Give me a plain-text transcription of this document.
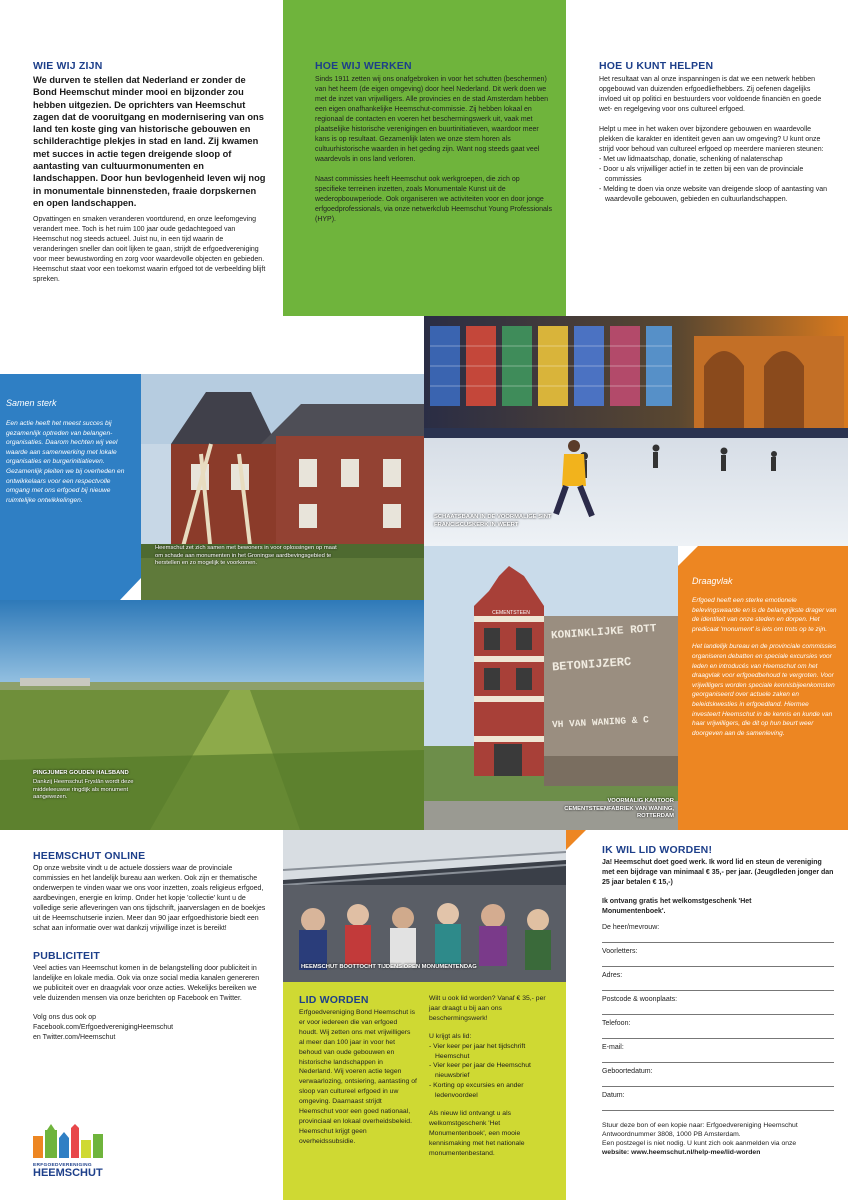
WIE WIJ ZIJN

We durven te stellen dat Nederland er zonder de Bond Heemschut minder mooi en bijzonder zou hebben uitgezien. De oprichters van Heemschut zagen dat de vooruitgang en modernisering van ons land ten koste ging van historische gebouwen en schilderachtige plekjes in stad en land. Zij kwamen met succes in actie tegen dreigende sloop of aantasting van cultuurmonumenten en landschappen. Door hun bevlogenheid leven wij nog in monumentale binnensteden, fraaie dorpskernen en open landschappen.

Opvattingen en smaken veranderen voortdurend, en onze leefomgeving verandert mee. Toch is het ruim 100 jaar oude gedachtegoed van Heemschut nog steeds actueel. Juist nu, in een tijd waarin de veranderingen sneller dan ooit lijken te gaan, strijdt de erfgoedvereniging voor meer bewustwording en zorg voor waardevolle objecten en gebieden. Heemschut staat voor een toekomst waarin erfgoed tot de verbeelding blijft spreken.

HOE WIJ WERKEN

Sinds 1911 zetten wij ons onafgebroken in voor het schutten (beschermen) van het heem (de eigen omgeving) door heel Nederland. Dit werk doen we met de inzet van vrijwilligers. Alle provincies en de stad Amsterdam hebben een eigen onafhankelijke Heemschut-commissie. Zij hebben lokaal en regionaal de contacten en voeren het beschermingswerk uit, vaak met plaatselijke historische verenigingen en buurtinitiatieven, waardoor meer kans is op resultaat. Gezamenlijk laten we onze stem horen als cultuurhistorische waarden in het geding zijn. Want nog steeds gaat veel waardevols in ons land verloren.

Naast commissies heeft Heemschut ook werkgroepen, die zich op specifieke terreinen inzetten, zoals Monumentale Kunst uit de wederopbouwperiode. Ook organiseren we activiteiten voor en door jonge erfgoedprofessionals, via onze netwerkclub Heemschut Young Professionals (HYP).

HOE U KUNT HELPEN

Het resultaat van al onze inspanningen is dat we een netwerk hebben opgebouwd van duizenden erfgoedliefhebbers. Zij oefenen dagelijks invloed uit op politici en bestuurders voor voldoende financiën en goede wet- en regelgeving voor ons cultureel erfgoed.

Helpt u mee in het waken over bijzondere gebouwen en waardevolle plekken die karakter en identiteit geven aan uw omgeving? U kunt onze strijd voor behoud van cultureel erfgoed op meerdere manieren steunen:

- Met uw lidmaatschap, donatie, schenking of nalatenschap
- Door u als vrijwilliger actief in te zetten bij een van de provinciale commissies
- Melding te doen via onze website van dreigende sloop of aantasting van waardevolle gebouwen, gebieden en cultuurlandschappen.
SCHAATSBAAN IN DE VOORMALIGE SINT FRANCISCUSKERK IN WEERT
Samen sterk

Een actie heeft het meest succes bij gezamenlijk optreden van belangen-organisaties. Daarom hechten wij veel waarde aan samenwerking met lokale organisaties en burgerinitiatieven. Gezamenlijk pleiten we bij overheden en ontwikkelaars voor een respectvolle omgang met ons erfgoed bij nieuwe ruimtelijke ontwikkelingen.

Heemschut zet zich samen met bewoners in voor oplossingen op maat om schade aan monumenten in het Groningse aardbevingsgebied te herstellen en zo mogelijk te voorkomen.
PINGJUMER GOUDEN HALSBAND
Dankzij Heemschut Fryslân wordt deze middeleeuwse ringdijk als monument aangewezen.
KONINKLIJKE ROTT
BETONIJZERC
VH VAN WANING & C
CEMENTSTEEN
VOORMALIG KANTOOR CEMENTSTEENFABRIEK VAN WANING, ROTTERDAM
Draagvlak

Erfgoed heeft een sterke emotionele belevingswaarde en is de belangrijkste drager van de identiteit van onze steden en dorpen. Het predicaat 'monument' is iets om trots op te zijn.

Het landelijk bureau en de provinciale commissies organiseren debatten en speciale excursies voor leden en introducés van Heemschut om het draagvlak voor erfgoedbehoud te vergroten. Voor vrijwilligers worden speciale kennisbijeenkomsten georganiseerd over actuele zaken en beleidskwesties in erfgoedland. Hiermee investeert Heemschut in de kennis en kunde van haar vrijwilligers, die dit op hun beurt weer doorgeven aan de samenleving.

HEEMSCHUT ONLINE

Op onze website vindt u de actuele dossiers waar de provinciale commissies en het landelijk bureau aan werken. Ook zijn er thematische onderwerpen te vinden waar we ons voor inzetten, zoals religieus erfgoed, aardbevingen, energie en krimp. Onder het kopje 'collectie' kunt u de volledige serie afleveringen van ons tijdschrift, jaarverslagen en de boekjes uit de Heemschutserie inzien. Meer dan 90 jaar erfgoedhistorie biedt een schat aan informatie over wat dankzij vrijwillige inzet is bereikt!

PUBLICITEIT

Veel acties van Heemschut komen in de belangstelling door publiciteit in landelijke en lokale media. Ook via onze social media kanalen genereren we publiciteit over en draagvlak voor onze acties. Wekelijks bereiken we vele duizenden mensen via onze berichten op Facebook en Twitter.

Volg ons dus ook op

Facebook.com/ErfgoedverenigingHeemschut
en Twitter.com/Heemschut
ERFGOEDVERENIGING
HEEMSCHUT
HEEMSCHUT BOOTTOCHT TIJDENS OPEN MONUMENTENDAG
LID WORDEN

Erfgoedvereniging Bond Heemschut is er voor iedereen die van erfgoed houdt. Wij zetten ons met vrijwilligers al meer dan 100 jaar in voor het behoud van oude gebouwen en historische landschappen in Nederland. Wij voeren actie tegen verwaarlozing, ontsiering, aantasting of sloop van cultureel erfgoed in uw omgeving. Daarnaast strijdt Heemschut voor een goed nationaal, provinciaal en lokaal overheidsbeleid. Heemschut krijgt geen overheidssubsidie.

Wilt u ook lid worden? Vanaf € 35,- per jaar draagt u bij aan ons beschermingswerk!

U krijgt als lid:

- Vier keer per jaar het tijdschrift Heemschut
- Vier keer per jaar de Heemschut nieuwsbrief
- Korting op excursies en ander ledenvoordeel

Als nieuw lid ontvangt u als welkomstgeschenk 'Het Monumentenboek', een mooie kennismaking met het nationale monumentenbestand.

IK WIL LID WORDEN!

Ja! Heemschut doet goed werk. Ik word lid en steun de vereniging met een bijdrage van minimaal € 35,- per jaar. (Jeugdleden jonger dan 25 jaar betalen € 15,-)

Ik ontvang gratis het welkomstgeschenk 'Het Monumentenboek'.

De heer/mevrouw:
Voorletters:
Adres:
Postcode & woonplaats:
Telefoon:
E-mail:
Geboortedatum:
Datum:

Stuur deze bon of een kopie naar: Erfgoedvereniging Heemschut

Antwoordnummer 3808, 1000 PB Amsterdam.

Een postzegel is niet nodig. U kunt zich ook aanmelden via onze

website: www.heemschut.nl/help-mee/lid-worden
